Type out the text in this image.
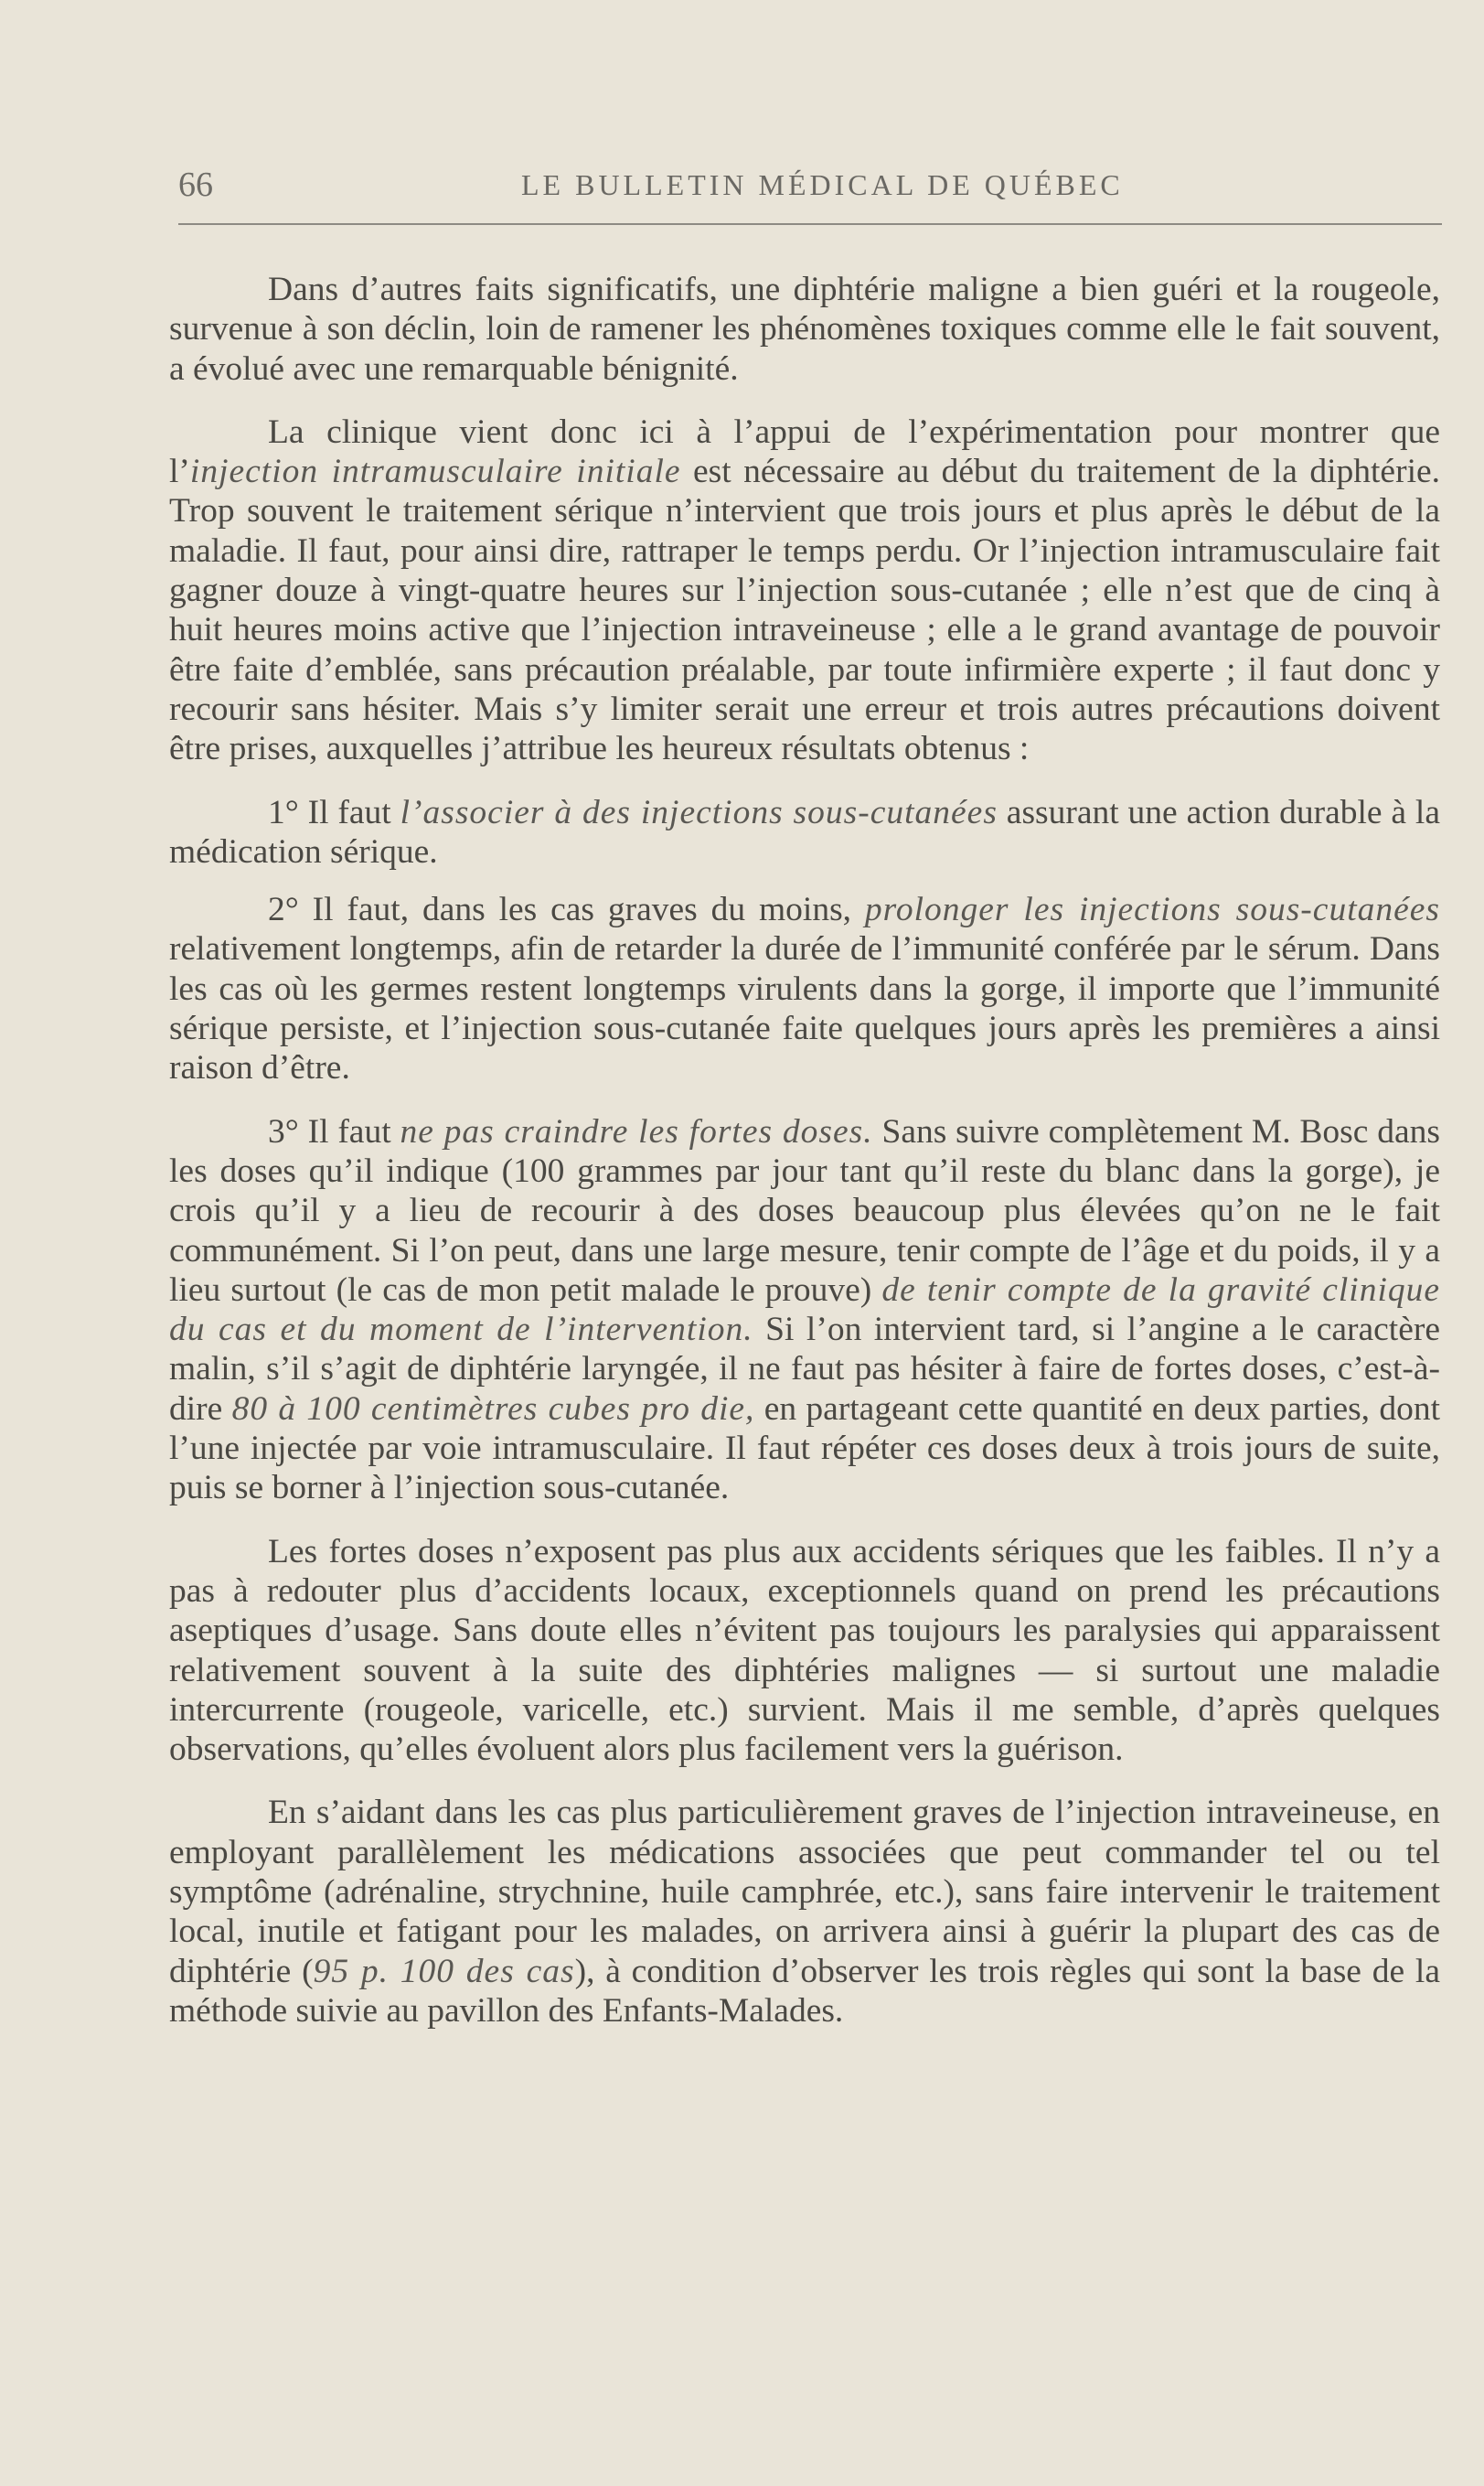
66	LE BULLETIN MÉDICAL DE QUÉBEC

Dans d’autres faits significatifs, une diphtérie maligne a bien guéri et la rougeole, survenue à son déclin, loin de ramener les phénomènes toxiques comme elle le fait souvent, a évolué avec une remarquable bénignité.

La clinique vient donc ici à l’appui de l’expérimentation pour montrer que l’injection intramusculaire initiale est nécessaire au début du traitement de la diphtérie. Trop souvent le traitement sérique n’intervient que trois jours et plus après le début de la maladie. Il faut, pour ainsi dire, rattraper le temps perdu. Or l’injection intramusculaire fait gagner douze à vingt-quatre heures sur l’injection sous-cutanée ; elle n’est que de cinq à huit heures moins active que l’injection intraveineuse ; elle a le grand avantage de pouvoir être faite d’emblée, sans précaution préalable, par toute infirmière experte ; il faut donc y recourir sans hésiter. Mais s’y limiter serait une erreur et trois autres précautions doivent être prises, auxquelles j’attribue les heureux résultats obtenus :

1° Il faut l’associer à des injections sous-cutanées assurant une action durable à la médication sérique.

2° Il faut, dans les cas graves du moins, prolonger les injections sous-cutanées relativement longtemps, afin de retarder la durée de l’immunité conférée par le sérum. Dans les cas où les germes restent longtemps virulents dans la gorge, il importe que l’immunité sérique persiste, et l’injection sous-cutanée faite quelques jours après les premières a ainsi raison d’être.

3° Il faut ne pas craindre les fortes doses. Sans suivre complètement M. Bosc dans les doses qu’il indique (100 grammes par jour tant qu’il reste du blanc dans la gorge), je crois qu’il y a lieu de recourir à des doses beaucoup plus élevées qu’on ne le fait communément. Si l’on peut, dans une large mesure, tenir compte de l’âge et du poids, il y a lieu surtout (le cas de mon petit malade le prouve) de tenir compte de la gravité clinique du cas et du moment de l’intervention. Si l’on intervient tard, si l’angine a le caractère malin, s’il s’agit de diphtérie laryngée, il ne faut pas hésiter à faire de fortes doses, c’est-à-dire 80 à 100 centimètres cubes pro die, en partageant cette quantité en deux parties, dont l’une injectée par voie intramusculaire. Il faut répéter ces doses deux à trois jours de suite, puis se borner à l’injection sous-cutanée.

Les fortes doses n’exposent pas plus aux accidents sériques que les faibles. Il n’y a pas à redouter plus d’accidents locaux, exceptionnels quand on prend les précautions aseptiques d’usage. Sans doute elles n’évitent pas toujours les paralysies qui apparaissent relativement souvent à la suite des diphtéries malignes — si surtout une maladie intercurrente (rougeole, varicelle, etc.) survient. Mais il me semble, d’après quelques observations, qu’elles évoluent alors plus facilement vers la guérison.

En s’aidant dans les cas plus particulièrement graves de l’injection intraveineuse, en employant parallèlement les médications associées que peut commander tel ou tel symptôme (adrénaline, strychnine, huile camphrée, etc.), sans faire intervenir le traitement local, inutile et fatigant pour les malades, on arrivera ainsi à guérir la plupart des cas de diphtérie (95 p. 100 des cas), à condition d’observer les trois règles qui sont la base de la méthode suivie au pavillon des Enfants-Malades.
